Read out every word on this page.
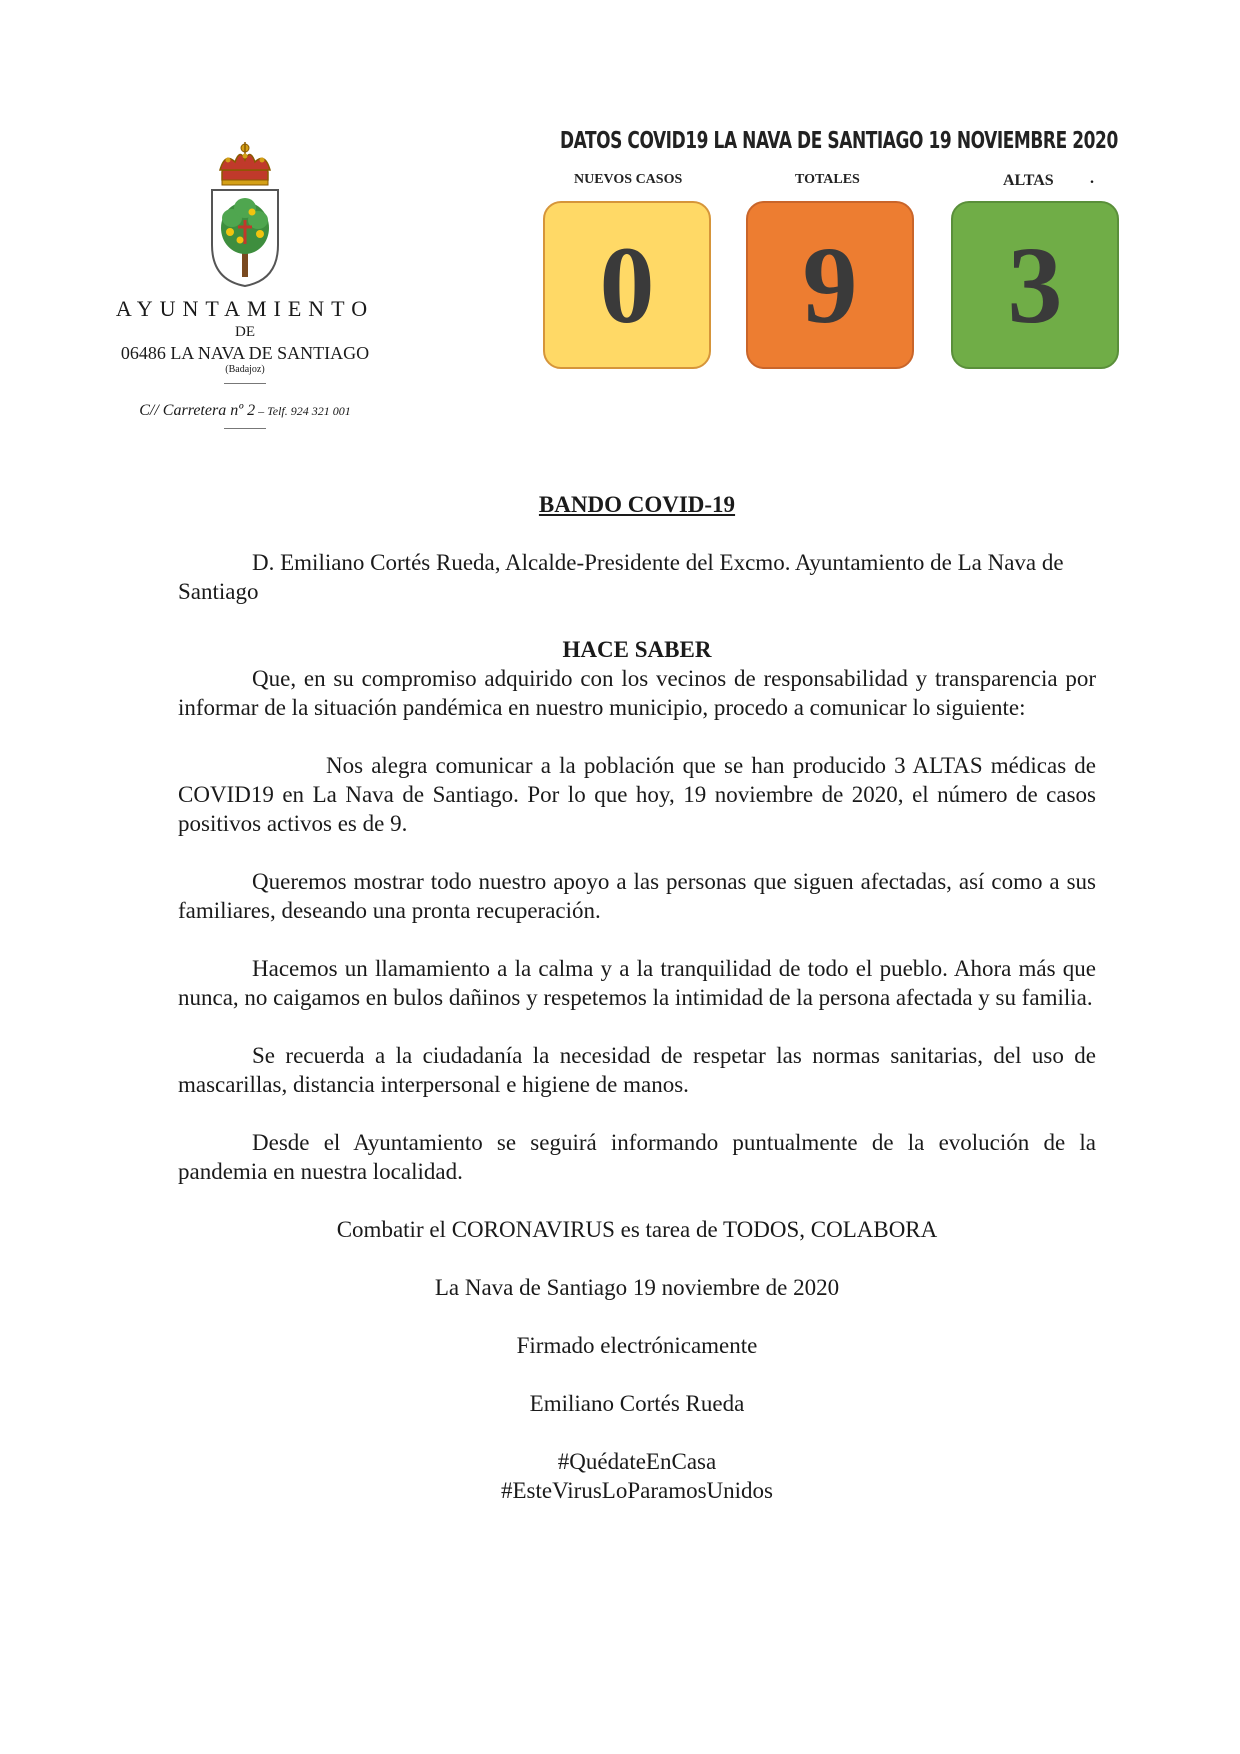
AYUNTAMIENTO
DE
06486 LA NAVA DE SANTIAGO
(Badajoz)
C// Carretera nº 2 – Telf. 924 321 001
DATOS COVID19 LA NAVA DE SANTIAGO 19 NOVIEMBRE 2020
NUEVOS CASOS	TOTALES	ALTAS .
0	9	3

BANDO COVID-19

D. Emiliano Cortés Rueda, Alcalde-Presidente del Excmo. Ayuntamiento de La Nava de Santiago

HACE SABER

Que, en su compromiso adquirido con los vecinos de responsabilidad y transparencia por informar de la situación pandémica en nuestro municipio, procedo a comunicar lo siguiente:

Nos alegra comunicar a la población que se han producido 3 ALTAS médicas de COVID19 en La Nava de Santiago. Por lo que hoy, 19 noviembre de 2020, el número de casos positivos activos es de 9.

Queremos mostrar todo nuestro apoyo a las personas que siguen afectadas, así como a sus familiares, deseando una pronta recuperación.

Hacemos un llamamiento a la calma y a la tranquilidad de todo el pueblo. Ahora más que nunca, no caigamos en bulos dañinos y respetemos la intimidad de la persona afectada y su familia.

Se recuerda a la ciudadanía la necesidad de respetar las normas sanitarias, del uso de mascarillas, distancia interpersonal e higiene de manos.

Desde el Ayuntamiento se seguirá informando puntualmente de la evolución de la pandemia en nuestra localidad.

Combatir el CORONAVIRUS es tarea de TODOS, COLABORA

La Nava de Santiago 19 noviembre de 2020

Firmado electrónicamente

Emiliano Cortés Rueda

#QuédateEnCasa

#EsteVirusLoParamosUnidos
